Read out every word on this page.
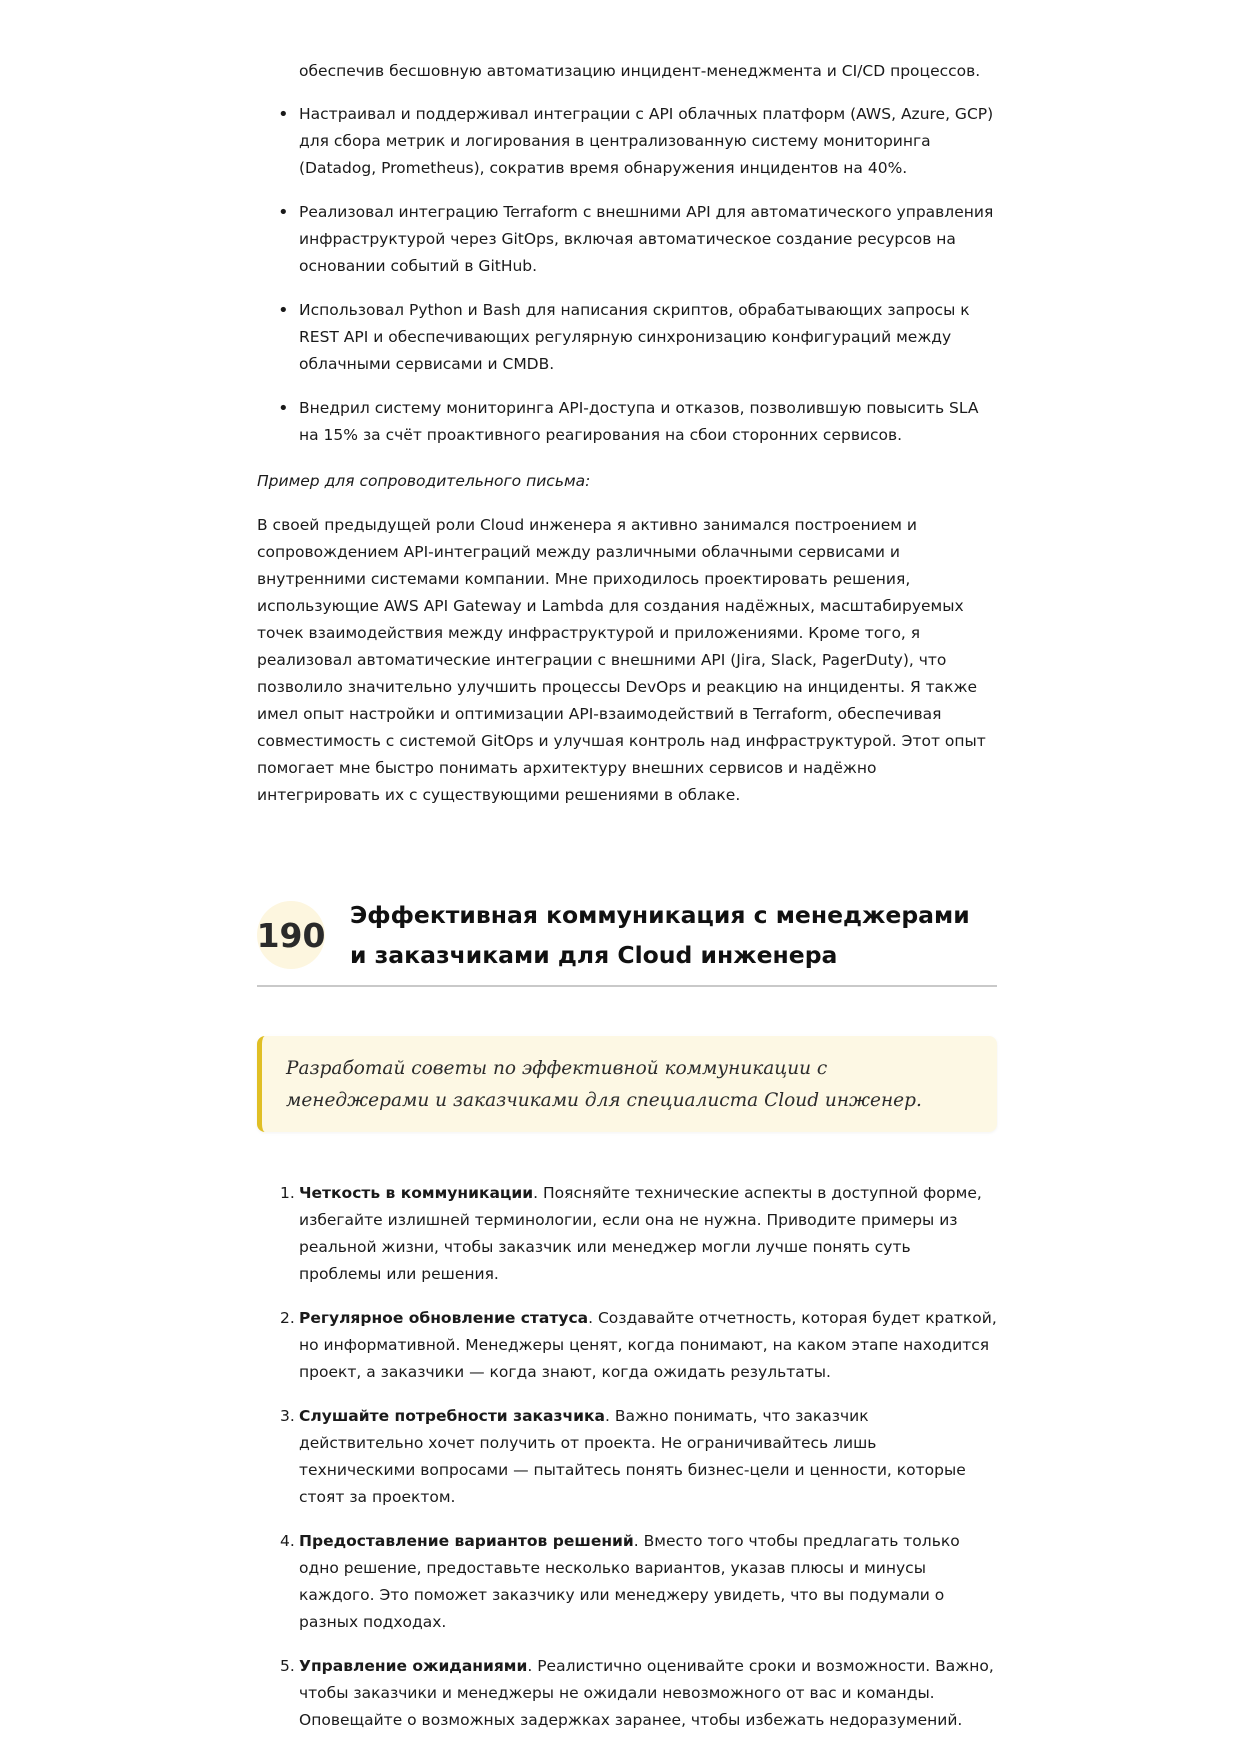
обеспечив бесшовную автоматизацию инцидент-менеджмента и CI/CD процессов.

• Настраивал и поддерживал интеграции с API облачных платформ (AWS, Azure, GCP) для сбора метрик и логирования в централизованную систему мониторинга (Datadog, Prometheus), сократив время обнаружения инцидентов на 40%.
• Реализовал интеграцию Terraform с внешними API для автоматического управления инфраструктурой через GitOps, включая автоматическое создание ресурсов на основании событий в GitHub.
• Использовал Python и Bash для написания скриптов, обрабатывающих запросы к REST API и обеспечивающих регулярную синхронизацию конфигураций между облачными сервисами и CMDB.
• Внедрил систему мониторинга API-доступа и отказов, позволившую повысить SLA на 15% за счёт проактивного реагирования на сбои сторонних сервисов.

Пример для сопроводительного письма:

В своей предыдущей роли Cloud инженера я активно занимался построением и сопровождением API-интеграций между различными облачными сервисами и внутренними системами компании. Мне приходилось проектировать решения, использующие AWS API Gateway и Lambda для создания надёжных, масштабируемых точек взаимодействия между инфраструктурой и приложениями. Кроме того, я реализовал автоматические интеграции с внешними API (Jira, Slack, PagerDuty), что позволило значительно улучшить процессы DevOps и реакцию на инциденты. Я также имел опыт настройки и оптимизации API-взаимодействий в Terraform, обеспечивая совместимость с системой GitOps и улучшая контроль над инфраструктурой. Этот опыт помогает мне быстро понимать архитектуру внешних сервисов и надёжно интегрировать их с существующими решениями в облаке.

190
Эффективная коммуникация с менеджерами и заказчиками для Cloud инженера

Разработай советы по эффективной коммуникации с менеджерами и заказчиками для специалиста Cloud инженер.

1. Четкость в коммуникации. Поясняйте технические аспекты в доступной форме, избегайте излишней терминологии, если она не нужна. Приводите примеры из реальной жизни, чтобы заказчик или менеджер могли лучше понять суть проблемы или решения.
2. Регулярное обновление статуса. Создавайте отчетность, которая будет краткой, но информативной. Менеджеры ценят, когда понимают, на каком этапе находится проект, а заказчики — когда знают, когда ожидать результаты.
3. Слушайте потребности заказчика. Важно понимать, что заказчик действительно хочет получить от проекта. Не ограничивайтесь лишь техническими вопросами — пытайтесь понять бизнес-цели и ценности, которые стоят за проектом.
4. Предоставление вариантов решений. Вместо того чтобы предлагать только одно решение, предоставьте несколько вариантов, указав плюсы и минусы каждого. Это поможет заказчику или менеджеру увидеть, что вы подумали о разных подходах.
5. Управление ожиданиями. Реалистично оценивайте сроки и возможности. Важно, чтобы заказчики и менеджеры не ожидали невозможного от вас и команды. Оповещайте о возможных задержках заранее, чтобы избежать недоразумений.
